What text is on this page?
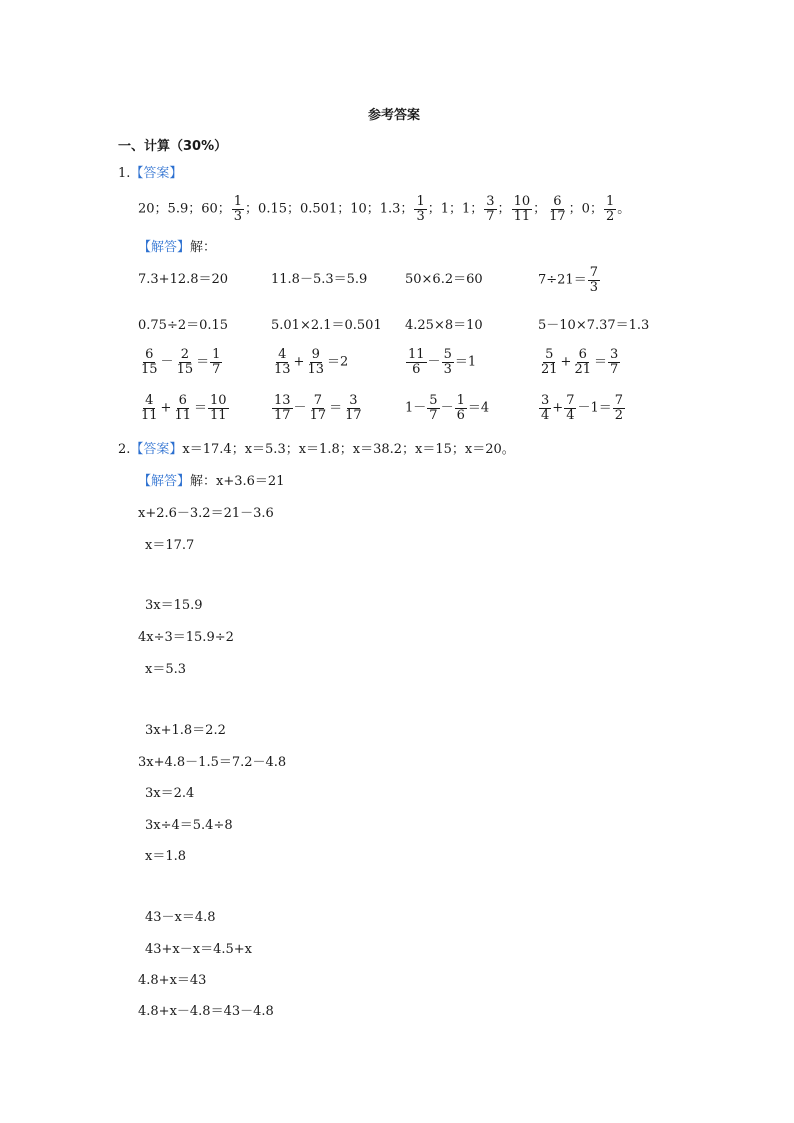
参考答案
一、计算（30%）
1.【答案】
20；5.9；60； $\frac{1}{3}$ ；0.15；0.501；10；1.3； $\frac{1}{3}$ ；1；1； $\frac{3}{7}$ ； $\frac{10}{11}$ ； $\frac{6}{17}$ ；0； $\frac{1}{2}$ 。
【解答】解：
7.3+12.8＝20	11.8－5.3＝5.9	50×6.2＝60	$7\div 21= \frac{7}{3}$
0.75÷2＝0.15	5.01×2.1＝0.501 4.25×8＝10	5－10×7.37＝1.3
$\frac{6}{15} - \frac{2}{15} = \frac{1}{7}$	$\frac{4}{13} + \frac{9}{13} =2$	$\frac{11}{6} - \frac{5}{3} =1$	$\frac{5}{21} + \frac{6}{21} = \frac{3}{7}$
$\frac{4}{11} + \frac{6}{11} = \frac{10}{11}$	$\frac{13}{17} - \frac{7}{17} = \frac{3}{17}$	$1- \frac{5}{7} - \frac{1}{6} =4$	$\frac{3}{4} + \frac{7}{4} -1= \frac{7}{2}$
2.【答案】x＝17.4；x＝5.3；x＝1.8；x＝38.2；x＝15；x＝20。
【解答】解：x+3.6＝21
x+2.6－3.2＝21－3.6
x＝17.7
3x＝15.9
4x÷3＝15.9÷2
x＝5.3
3x+1.8＝2.2
3x+4.8－1.5＝7.2－4.8
3x＝2.4
3x÷4＝5.4÷8
x＝1.8
43－x＝4.8
43+x－x＝4.5+x
4.8+x＝43
4.8+x－4.8＝43－4.8
